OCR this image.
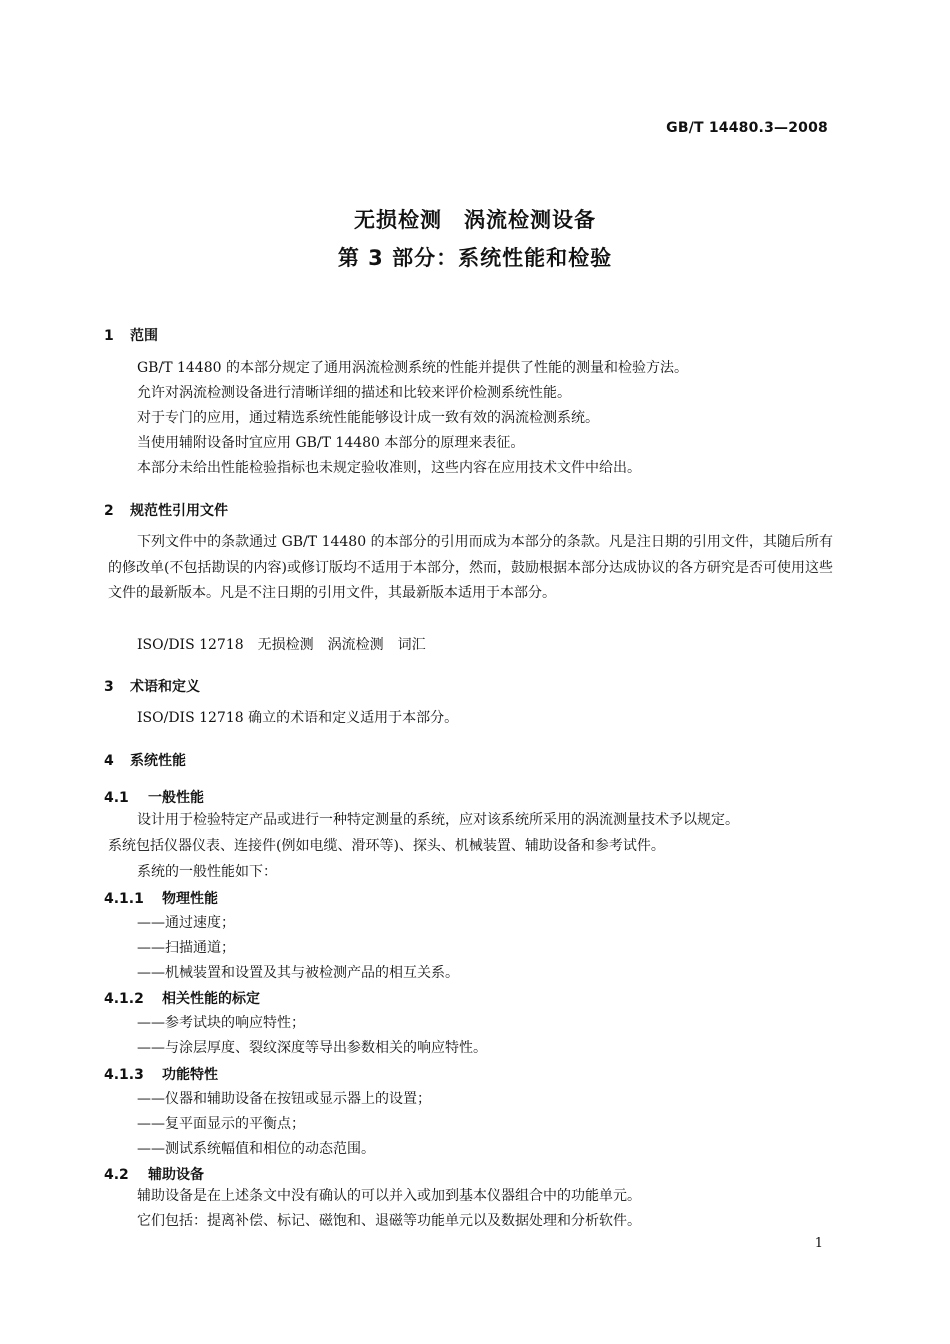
GB/T 14480.3—2008
无损检测　涡流检测设备
第 3 部分：系统性能和检验
1 范围
GB/T 14480 的本部分规定了通用涡流检测系统的性能并提供了性能的测量和检验方法。
允许对涡流检测设备进行清晰详细的描述和比较来评价检测系统性能。
对于专门的应用，通过精选系统性能能够设计成一致有效的涡流检测系统。
当使用辅附设备时宜应用 GB/T 14480 本部分的原理来表征。
本部分未给出性能检验指标也未规定验收准则，这些内容在应用技术文件中给出。
2 规范性引用文件
下列文件中的条款通过 GB/T 14480 的本部分的引用而成为本部分的条款。凡是注日期的引用文件，其随后所有的修改单(不包括勘误的内容)或修订版均不适用于本部分，然而，鼓励根据本部分达成协议的各方研究是否可使用这些文件的最新版本。凡是不注日期的引用文件，其最新版本适用于本部分。
ISO/DIS 12718　无损检测　涡流检测　词汇
3 术语和定义
ISO/DIS 12718 确立的术语和定义适用于本部分。
4 系统性能
4.1 一般性能
设计用于检验特定产品或进行一种特定测量的系统，应对该系统所采用的涡流测量技术予以规定。
系统包括仪器仪表、连接件(例如电缆、滑环等)、探头、机械装置、辅助设备和参考试件。
系统的一般性能如下：
4.1.1 物理性能
——通过速度；
——扫描通道；
——机械装置和设置及其与被检测产品的相互关系。
4.1.2 相关性能的标定
——参考试块的响应特性；
——与涂层厚度、裂纹深度等导出参数相关的响应特性。
4.1.3 功能特性
——仪器和辅助设备在按钮或显示器上的设置；
——复平面显示的平衡点；
——测试系统幅值和相位的动态范围。
4.2 辅助设备
辅助设备是在上述条文中没有确认的可以并入或加到基本仪器组合中的功能单元。
它们包括：提离补偿、标记、磁饱和、退磁等功能单元以及数据处理和分析软件。
1
